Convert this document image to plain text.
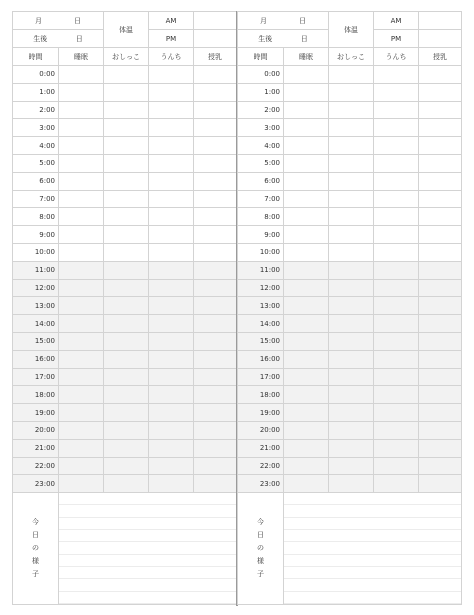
月 日		体温	AM	

生後 日			PM	
時間	睡眠	おしっこ	うんち	授乳
0:00				
1:00				
2:00				
3:00				
4:00				
5:00				
6:00				
7:00				
8:00				
9:00				
10:00				
11:00				
12:00				
13:00				
14:00				
15:00				
16:00				
17:00				
18:00				
19:00				
20:00				
21:00				
22:00				
23:00				

今
日
の
様
子				

月 日		体温	AM	

生後 日			PM	
時間	睡眠	おしっこ	うんち	授乳
0:00				
1:00				
2:00				
3:00				
4:00				
5:00				
6:00				
7:00				
8:00				
9:00				
10:00				
11:00				
12:00				
13:00				
14:00				
15:00				
16:00				
17:00				
18:00				
19:00				
20:00				
21:00				
22:00				
23:00				

今
日
の
様
子				
